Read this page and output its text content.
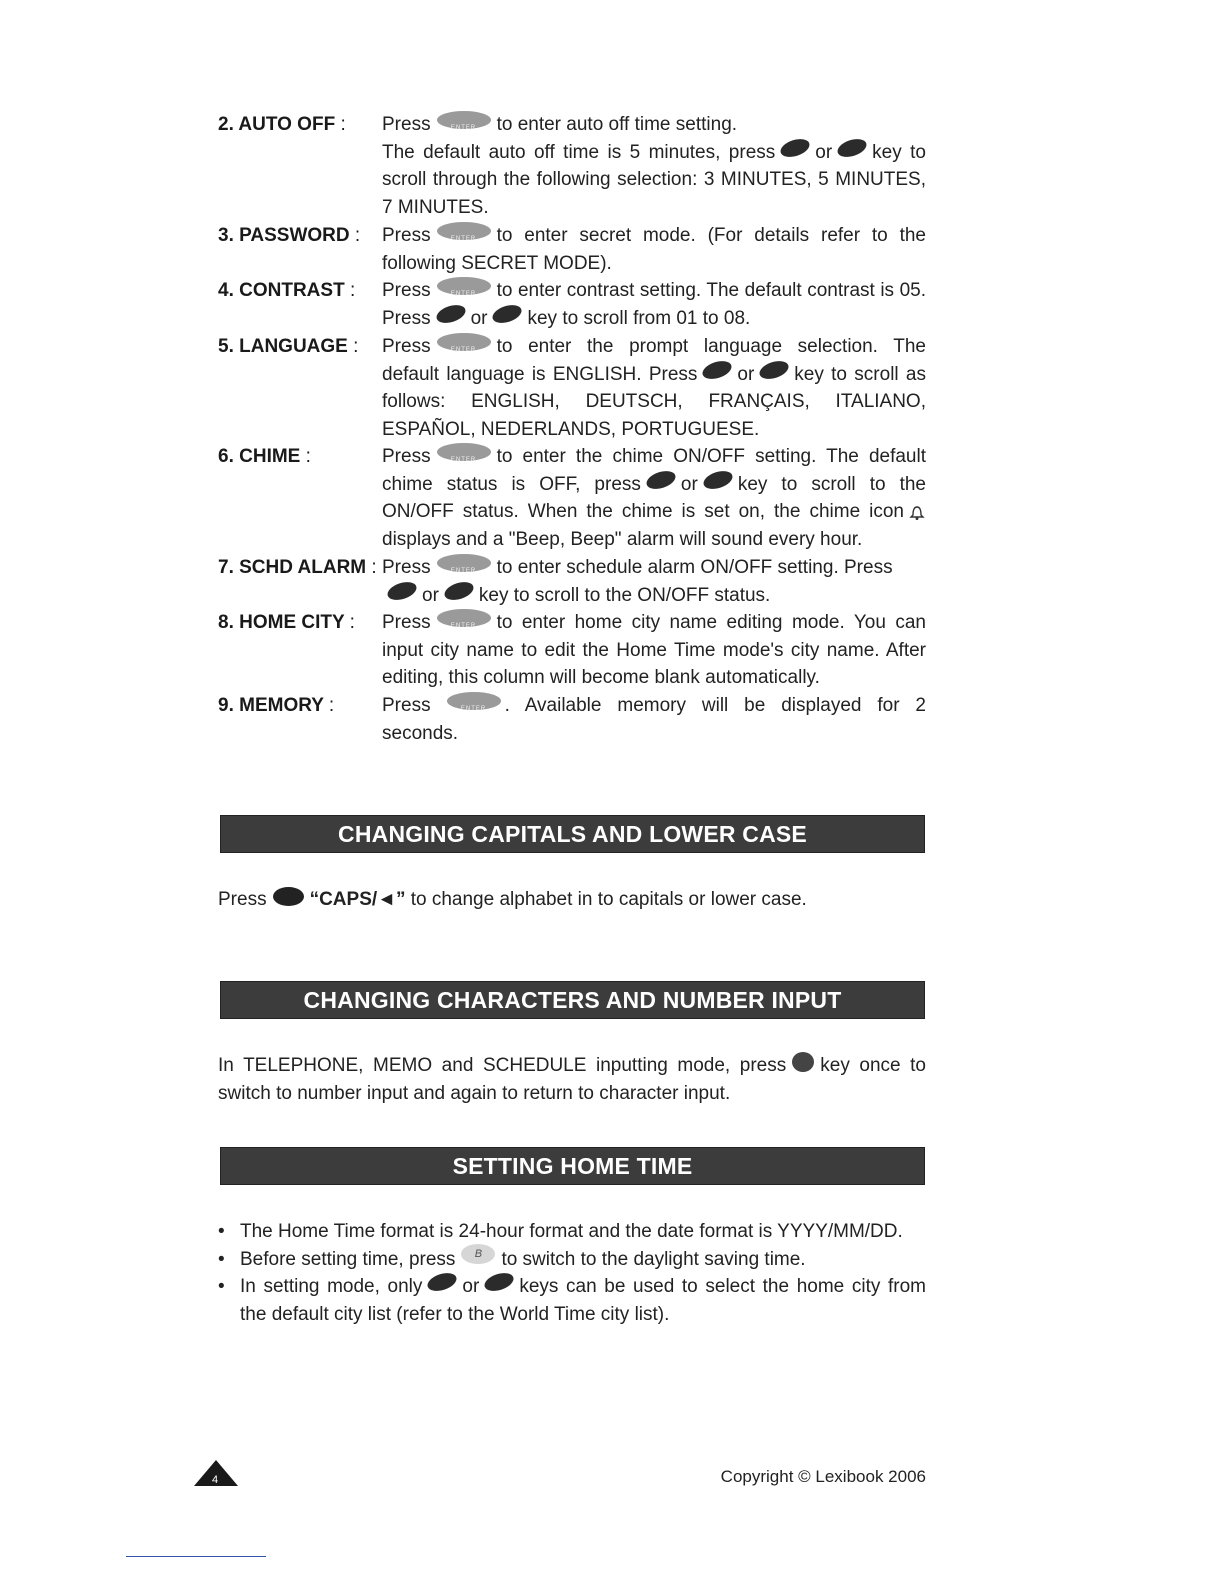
2. AUTO OFF :	Press ENTER	to enter auto off time setting.
The default auto off time is 5 minutes, press or key to scroll through the following selection: 3 MINUTES, 5 MINUTES, 7 MINUTES.
3. PASSWORD :	Press ENTER	to enter secret mode. (For details refer to the following SECRET MODE).
4. CONTRAST :	Press ENTER	to enter contrast setting. The default contrast is 05. Press or key to scroll from 01 to 08.
5. LANGUAGE :	Press ENTER	to enter the prompt language selection. The default language is ENGLISH. Press or key to scroll as follows: ENGLISH, DEUTSCH, FRANÇAIS, ITALIANO, ESPAÑOL, NEDERLANDS, PORTUGUESE.
6. CHIME :	Press ENTER	to enter the chime ON/OFF setting. The default chime status is OFF, press or key to scroll to the ON/OFF status. When the chime is set on, the chime icon displays and a "Beep, Beep" alarm will sound every hour.
7. SCHD ALARM : Press ENTER	to enter schedule alarm ON/OFF setting. Press
or key to scroll to the ON/OFF status.
8. HOME CITY :	Press ENTER	to enter home city name editing mode. You can input city name to edit the Home Time mode's city name. After editing, this column will become blank automatically.
9. MEMORY :	Press ENTER	. Available memory will be displayed for 2 seconds.
CHANGING CAPITALS AND LOWER CASE
Press “CAPS/◄” to change alphabet in to capitals or lower case.
CHANGING CHARACTERS AND NUMBER INPUT
In TELEPHONE, MEMO and SCHEDULE inputting mode, press key once to switch to number input and again to return to character input.
SETTING HOME TIME
• The Home Time format is 24-hour format and the date format is YYYY/MM/DD.
• Before setting time, press B to switch to the daylight saving time.
• In setting mode, only or keys can be used to select the home city from the default city list (refer to the World Time city list).
4	Copyright © Lexibook 2006
